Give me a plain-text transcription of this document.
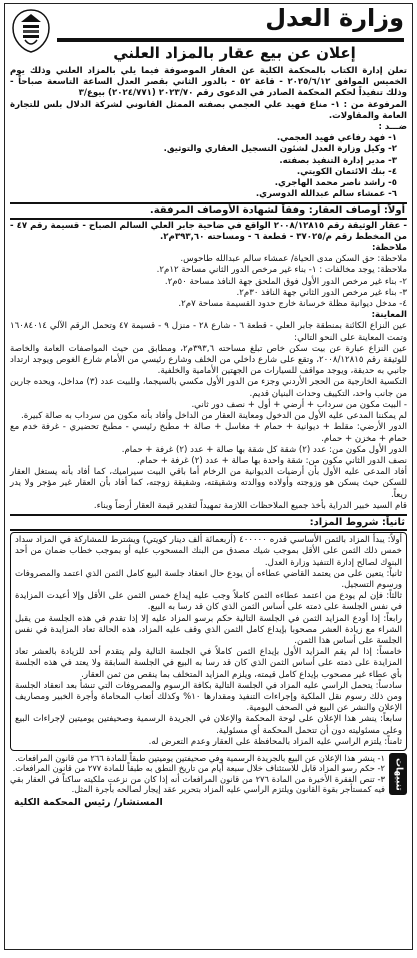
وزارة العدل
إعلان عن بيع عقار بالمزاد العلني

تعلن إدارة الكتاب بالمحكمة الكلية عن العقار الموصوفة فيما يلي بالمزاد العلني وذلك يوم الخميس الموافق ٢٠٢٥/٦/١٢ - قاعة ٥٢ - بالدور الثاني بقصر العدل الساعة التاسعة صباحاً - وذلك تنفيذاً لحكم المحكمة الصادر في الدعوى رقم ٢٠٢٣/٧٠ (٢٠٢٤/٧٧١) بيوع/٣

المرفوعة من : ١- مناع فهيد علي العجمي بصفته الممثل القانوني لشركة الدلال بلس للتجارة العامة والمقاولات.

ضـــد :

١- فهد رفاعي فهيد العجمي.

٢- وكيل وزارة العدل لشئون التسجيل العقاري والتوثيق.

٣- مدير إدارة التنفيذ بصفته.

٤- بنك الائتمان الكويتي.

٥- راشد ناصر محمد الهاجري.

٦- عمشاء سالم عبدالله الدوسري.

أولاً: أوصاف العقار: وفقاً لشهادة الأوصاف المرفقة.

- عقار الوثيقة رقم ٢٠٠٨/١٢٨١٥ الواقع في ضاحية جابر العلي السالم الصباح - قسيمة رقم ٤٧ - من المخطط رقم م/٣٧٠٢٥ - قطعة ٦ - ومساحته ٣٩٣,٦٠م٢.

ملاحظة:

ملاحظة: حق السكن مدى الحياة/ عمشاء سالم عبدالله طاحوس.

ملاحظة: يوجد مخالفات : ١- بناء غير مرخص الدور الثاني مساحة ١٢م٢.

٢- بناء غير مرخص الدور الأول فوق الملحق جهة النافذ مساحة ٥٠م٢.

٣- بناء غير مرخص الدور الثاني جهة النافذ ٣٠م٢.

٤- مدخل ديوانية مظلة خرسانة خارج حدود القسيمة مساحة ٧م٢.

المعاينة:

عين النزاع الكائنة بمنطقة جابر العلي - قطعة ٦ - شارع ٢٨ - منزل ٩ - قسيمة ٤٧ وتحمل الرقم الآلي ١٦٠٨٤٠١٤ وتمت المعاينة على النحو التالي:

عين النزاع عبارة عن بيت سكن خاص تبلغ مساحته ٣٩٣,٦م٢، ومطابق من حيث المواصفات العامة والخاصة للوثيقة رقم ٢٠٠٨/١٢٨١٥، وتقع على شارع داخلي من الخلف وشارع رئيسي من الأمام شارع الغوص ويوجد ارتداد جانبي به حديقة، ويوجد مواقف للسيارات من الجهتين الأمامية والخلفية.

التكسية الخارجية من الحجر الأردني وجزء من الدور الأول مكسي بالسيجما، وللبيت عدد (٣) مداخل، ويحده جارين من جانب واحد، التكييف وحدات البنيان قديم.

- البيت مكون من سرداب + أرضي + أول + نصف دور ثاني.

لم يمكننا المدعى عليه الأول من الدخول ومعاينة العقار من الداخل وأفاد بأنه مكون من سرداب به صالة كبيرة.

الدور الأرضي: مقلط + ديوانية + حمام + مغاسل + صالة + مطبخ رئيسي - مطبخ تحضيري - غرفة خدم مع حمام + مخزن + حمام.

الدور الأول مكون من: عدد (٢) شقة كل شقة بها صالة + عدد (٢) غرفة + حمام.

نصف الدور الثاني مكون من: شقة واحدة بها صالة + عدد (٢) غرفة + حمام.

أفاد المدعى عليه الأول بأن أرضيات الديوانية من الرخام أما باقي البيت سيراميك، كما أفاد بأنه يستغل العقار للسكن حيث يسكن هو وزوجته وأولاده ووالدته وشقيقته، وشقيقة زوجته، كما أفاد بأن العقار غير مؤجر ولا يدر ريعاً.

قام السيد خبير الدراية بأخذ جميع الملاحظات اللازمة تمهيداً لتقدير قيمة العقار أرضاً وبناء.

ثانياً: شروط المزاد:

أولاً: يبدأ المزاد بالثمن الأساسي قدره ٤٠٠٠٠٠ (أربعمائة ألف دينار كويتي) ويشترط للمشاركة في المزاد سداد خمس ذلك الثمن على الأقل بموجب شيك مصدق من البنك المسحوب عليه أو بموجب خطاب ضمان من أحد البنوك لصالح إدارة التنفيذ وزارة العدل.

ثانياً: يتعين على من يعتمد القاضي عطاءه أن يودع حال انعقاد جلسة البيع كامل الثمن الذي اعتمد والمصروفات ورسوم التسجيل.

ثالثاً: فإن لم يودع من اعتمد عطاءه الثمن كاملاً وجب عليه إيداع خمس الثمن على الأقل وإلا أعيدت المزايدة في نفس الجلسة على ذمته على أساس الثمن الذي كان قد رسا به البيع.

رابعاً: إذا أودع المزايد الثمن في الجلسة التالية حكم برسو المزاد عليه إلا إذا تقدم في هذه الجلسة من يقبل الشراء مع زيادة العشر مصحوبا بإيداع كامل الثمن الذي وقف عليه المزاد، هذه الحالة تعاد المزايدة في نفس الجلسة على أساس هذا الثمن.

خامساً: إذا لم يقم المزايد الأول بإيداع الثمن كاملاً في الجلسة التالية ولم يتقدم أحد للزيادة بالعشر تعاد المزايدة على ذمته على أساس الثمن الذي كان قد رسا به البيع في الجلسة السابقة ولا يعتد في هذه الجلسة بأي عطاء غير مصحوب بإيداع كامل قيمته، ويلزم المزايد المتخلف بما ينقص من ثمن العقار.

سادساً: يتحمل الراسي عليه المزاد في الجلسة التالية بكافة الرسوم والمصروفات التي تنشأ بعد انعقاد الجلسة ومن ذلك رسوم نقل الملكية وإجراءات التنفيذ ومقدارها ١٠% وكذلك أتعاب المحاماة وأجرة الخبير ومصاريف الإعلان والنشر عن البيع في الصحف اليومية.

سابعاً: ينشر هذا الإعلان على لوحة المحكمة والإعلان في الجريدة الرسمية وصحيفتين يوميتين لإجراءات البيع وعلى مسئوليته دون أن تتحمل المحكمة أي مسئولية.

ثامناً: يلتزم الراسي عليه المزاد بالمحافظة على العقار وعدم التعرض له.

تنبيهات

١- ينشر هذا الإعلان عن البيع بالجريدة الرسمية وفي صحيفتين يوميتين طبقاً للمادة ٢٦٦ من قانون المرافعات.

٢- حكم رسو المزاد قابل للاستئناف خلال سبعة أيام من تاريخ النطق به طبقاً للمادة ٢٧٧ من قانون المرافعات.

٣- تنص الفقرة الأخيرة من المادة ٢٧٦ من قانون المرافعات أنه إذا كان من نزعت ملكيته ساكناً في العقار بقي فيه كمستأجر بقوة القانون ويلتزم الراسي عليه المزاد بتحرير عقد إيجار لصالحه بأجرة المثل.

المستشار/ رئيس المحكمة الكلية
